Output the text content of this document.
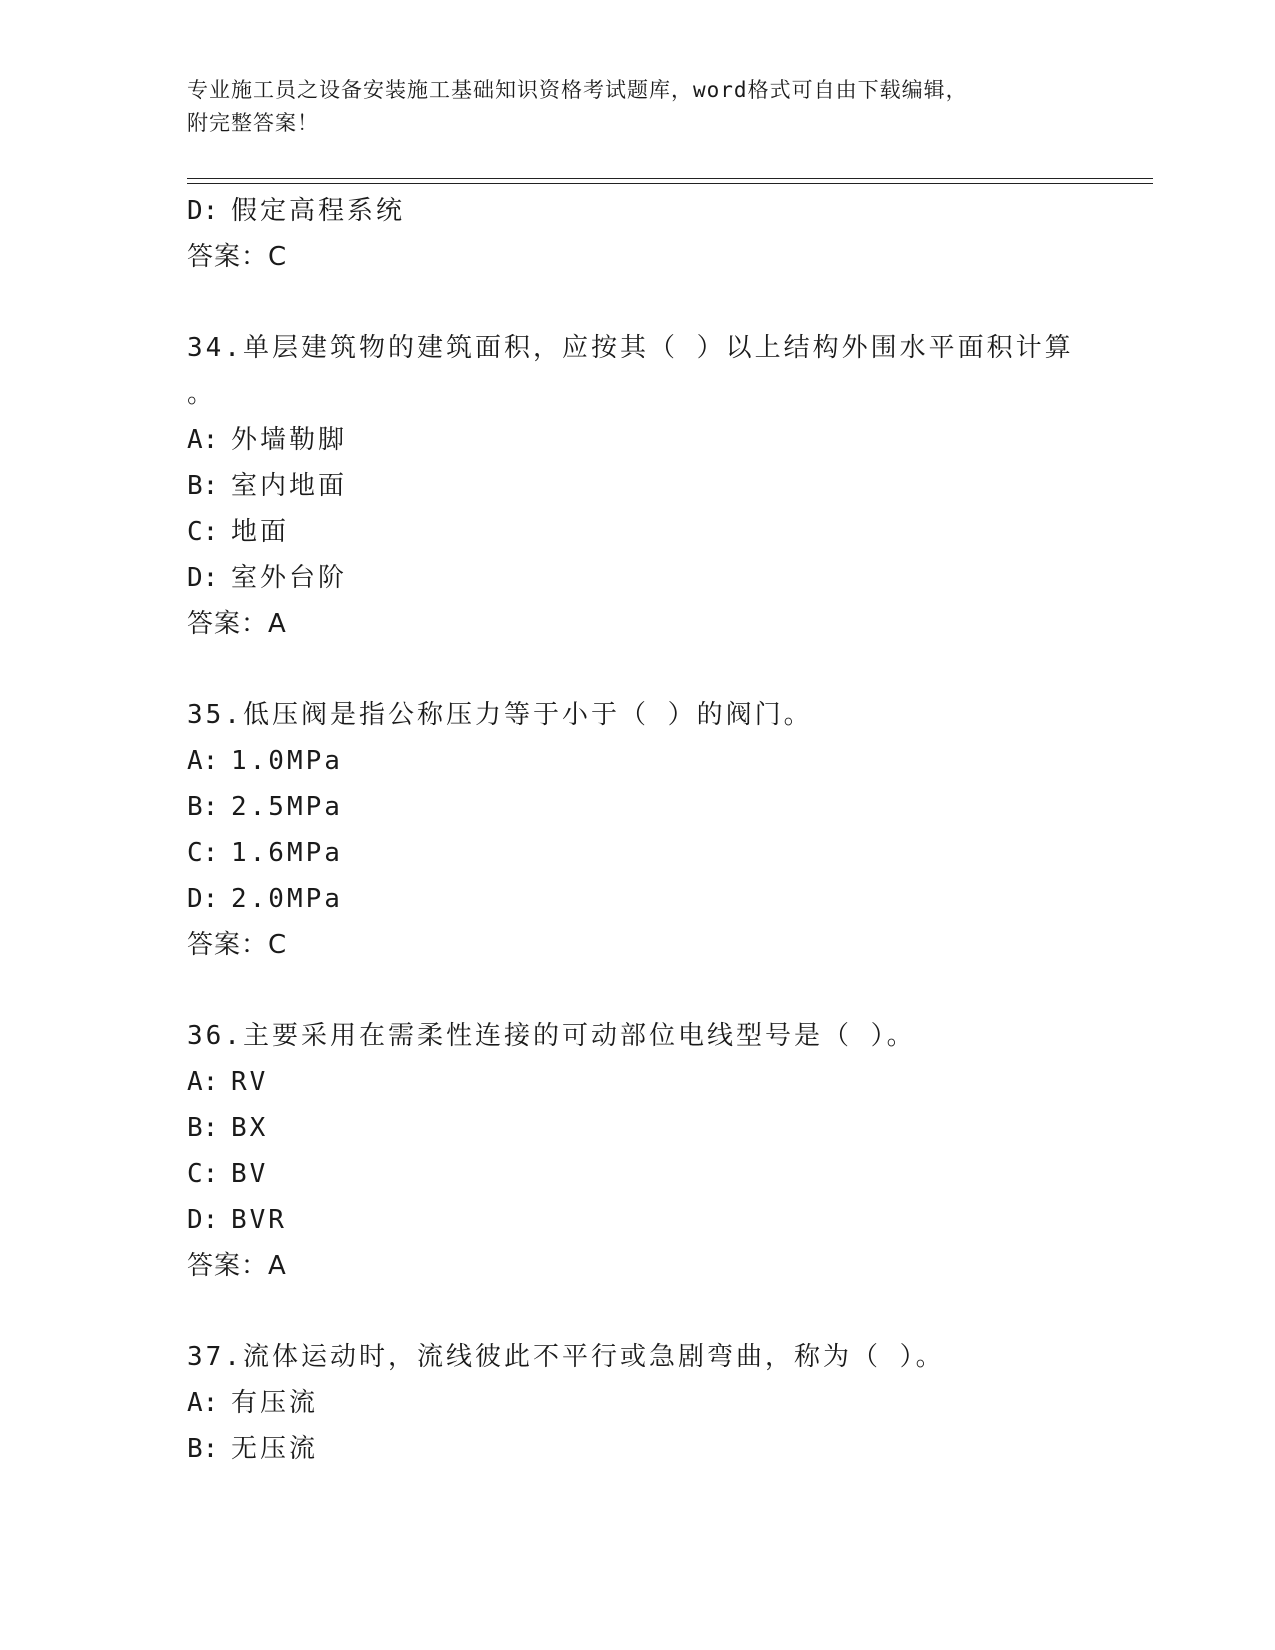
专业施工员之设备安装施工基础知识资格考试题库，word格式可自由下载编辑，
附完整答案！
D: 假定高程系统
答案：C
34.单层建筑物的建筑面积，应按其（ ）以上结构外围水平面积计算
。
A: 外墙勒脚
B: 室内地面
C: 地面
D: 室外台阶
答案：A
35.低压阀是指公称压力等于小于（ ）的阀门。
A: 1.0MPa
B: 2.5MPa
C: 1.6MPa
D: 2.0MPa
答案：C
36.主要采用在需柔性连接的可动部位电线型号是（ ）。
A: RV
B: BX
C: BV
D: BVR
答案：A
37.流体运动时，流线彼此不平行或急剧弯曲，称为（ ）。
A: 有压流
B: 无压流
